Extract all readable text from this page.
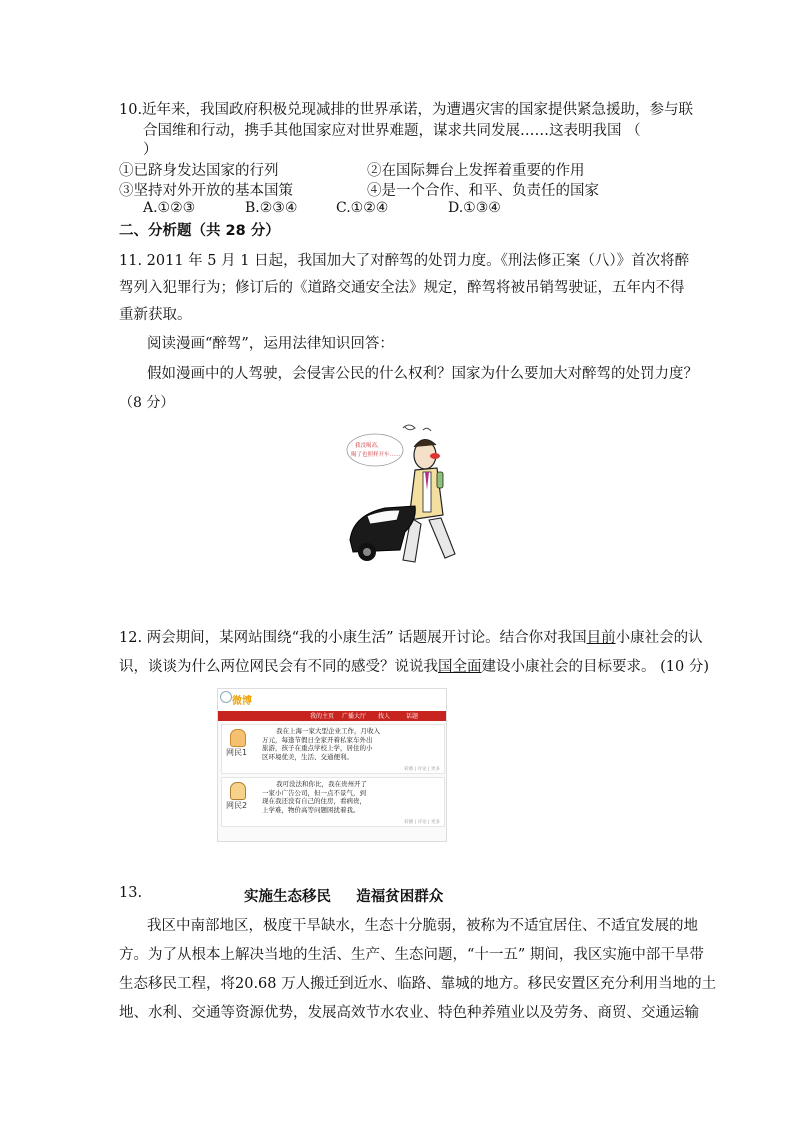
10.近年来，我国政府积极兑现减排的世界承诺，为遭遇灾害的国家提供紧急援助，参与联
合国维和行动，携手其他国家应对世界难题，谋求共同发展……这表明我国 （
）
①已跻身发达国家的行列	②在国际舞台上发挥着重要的作用
③坚持对外开放的基本国策	④是一个合作、和平、负责任的国家
A.①②③	B.②③④	C.①②④	D.①③④
二、分析题（共 28 分）
11. 2011 年 5 月 1 日起，我国加大了对醉驾的处罚力度。《刑法修正案（八）》首次将醉
驾列入犯罪行为；修订后的《道路交通安全法》规定，醉驾将被吊销驾驶证，五年内不得
重新获取。
阅读漫画“醉驾”，运用法律知识回答：
假如漫画中的人驾驶，会侵害公民的什么权利？国家为什么要加大对醉驾的处罚力度？
（8 分）
我没喝高，
喝了也照样开车……
12. 两会期间，某网站围绕“我的小康生活” 话题展开讨论。结合你对我国目前小康社会的认
识，谈谈为什么两位网民会有不同的感受？说说我国全面建设小康社会的目标要求。 (10 分)
微博
我的主页 广播大厅 找人	话题
网民1
我在上海一家大型企业工作，月收入
万元，每逢节假日全家开着私家车外出
旅游，孩子在重点学校上学，居住的小
区环境优美，生活、交通便利。
转播 | 评论 | 更多
网民2
我可没法和你比，我在贵州开了
一家小广告公司，但一点不景气，到
现在我还没有自己的住房，看病贵，
上学难，物价高等问题困扰着我。
转播 | 评论 | 更多
13.	实施生态移民     造福贫困群众
我区中南部地区，极度干旱缺水，生态十分脆弱，被称为不适宜居住、不适宜发展的地
方。为了从根本上解决当地的生活、生产、生态问题，“十一五” 期间，我区实施中部干旱带
生态移民工程，将20.68 万人搬迁到近水、临路、靠城的地方。移民安置区充分利用当地的土
地、水利、交通等资源优势，发展高效节水农业、特色种养殖业以及劳务、商贸、交通运输
